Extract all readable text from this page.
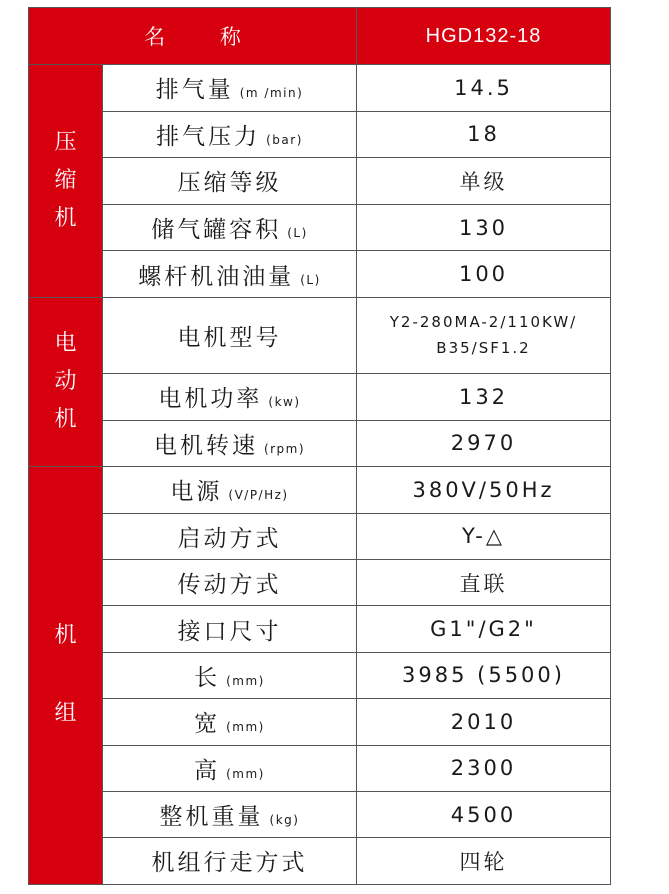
名 称		HGD132-18

压
缩
机	排气量 (m /min)	14.5
	排气压力 (bar)	18
	压缩等级	单级
	储气罐容积 (L)	130
	螺杆机油油量 (L)	100

电
动
机	电机型号	Y2-280MA-2/110KW/
B35/SF1.2

	电机功率 (kw)	132
	电机转速 (rpm)	2970

机
组	电源 (V/P/Hz)	380V/50Hz
	启动方式	Y-△
	传动方式	直联
	接口尺寸	G1"/G2"
	长 (mm)	3985 (5500)
	宽 (mm)	2010
	高 (mm)	2300
	整机重量 (kg)	4500
	机组行走方式	四轮
